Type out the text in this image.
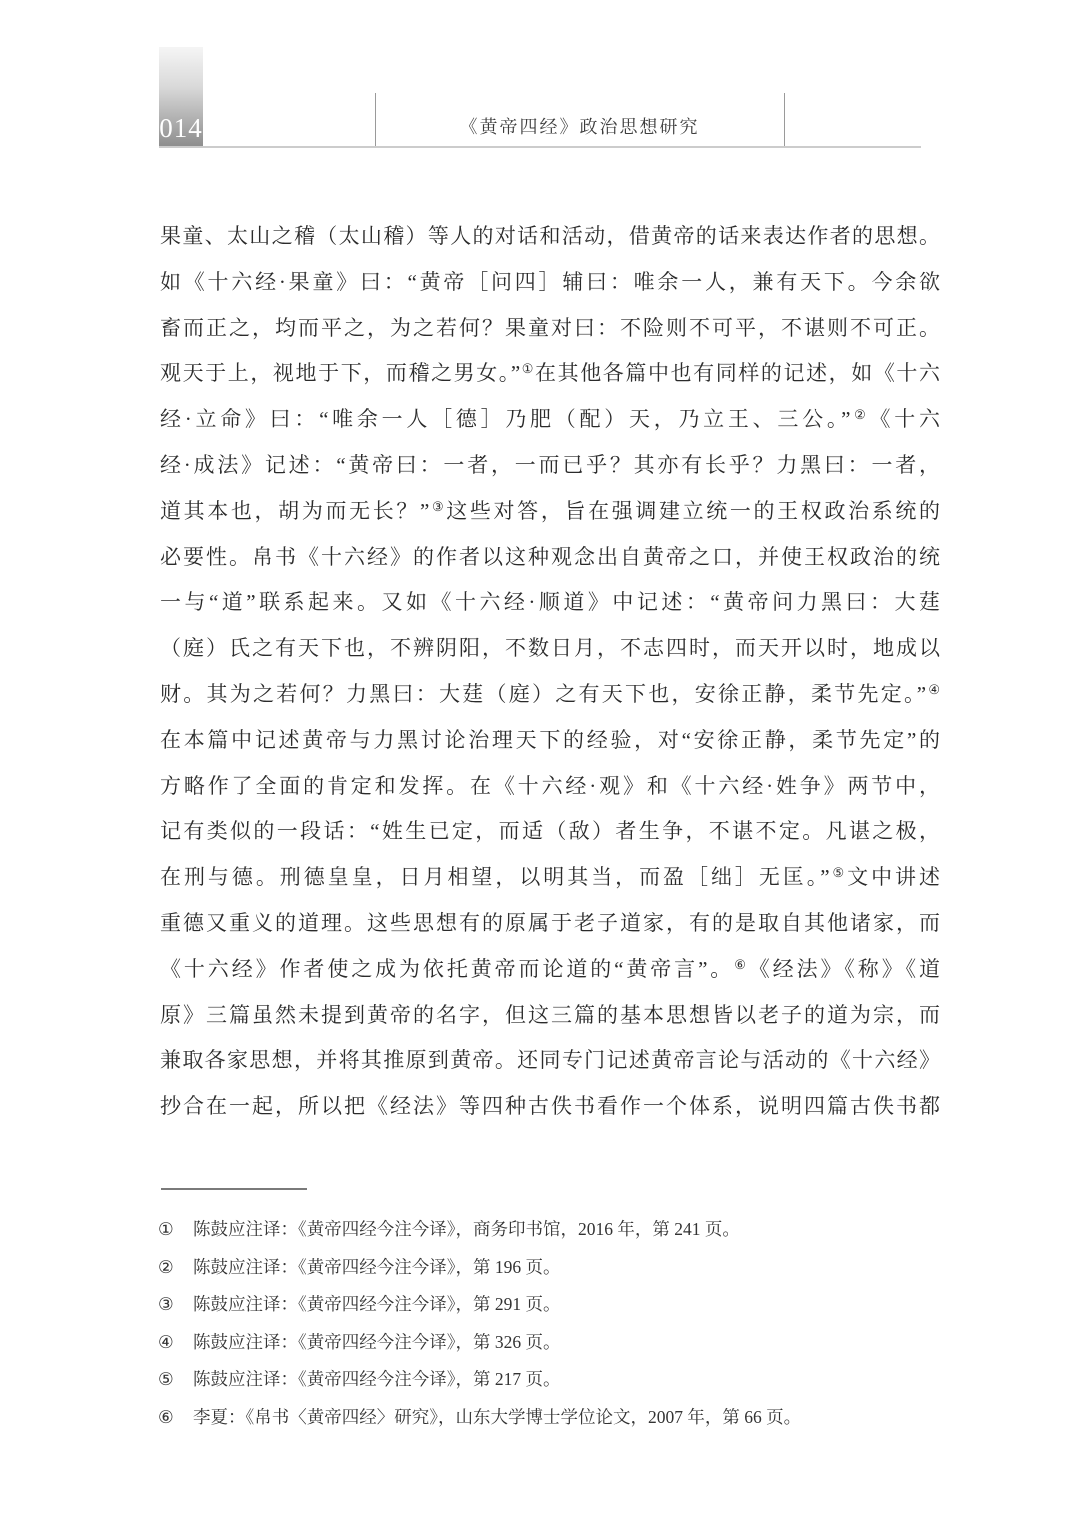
014	《黄帝四经》政治思想研究
果童、太山之稽（太山稽）等人的对话和活动，借黄帝的话来表达作者的思想。
如《十六经·果童》曰：“黄帝［问四］辅曰：唯余一人，兼有天下。今余欲
畜而正之，均而平之，为之若何？果童对曰：不险则不可平，不谌则不可正。
观天于上，视地于下，而稽之男女。”①在其他各篇中也有同样的记述，如《十六
经·立命》曰：“唯余一人［德］乃肥（配）天，乃立王、三公。”②《十六
经·成法》记述：“黄帝曰：一者，一而已乎？其亦有长乎？力黑曰：一者，
道其本也，胡为而无长？”③这些对答，旨在强调建立统一的王权政治系统的
必要性。帛书《十六经》的作者以这种观念出自黄帝之口，并使王权政治的统
一与“道”联系起来。又如《十六经·顺道》中记述：“黄帝问力黑曰：大莛
（庭）氏之有天下也，不辨阴阳，不数日月，不志四时，而天开以时，地成以
财。其为之若何？力黑曰：大莛（庭）之有天下也，安徐正静，柔节先定。”④
在本篇中记述黄帝与力黑讨论治理天下的经验，对“安徐正静，柔节先定”的
方略作了全面的肯定和发挥。在《十六经·观》和《十六经·姓争》两节中，
记有类似的一段话：“姓生已定，而适（敌）者生争，不谌不定。凡谌之极，
在刑与德。刑德皇皇，日月相望，以明其当，而盈［绌］无匡。”⑤文中讲述
重德又重义的道理。这些思想有的原属于老子道家，有的是取自其他诸家，而
《十六经》作者使之成为依托黄帝而论道的“黄帝言”。⑥《经法》《称》《道
原》三篇虽然未提到黄帝的名字，但这三篇的基本思想皆以老子的道为宗，而
兼取各家思想，并将其推原到黄帝。还同专门记述黄帝言论与活动的《十六经》
抄合在一起，所以把《经法》等四种古佚书看作一个体系，说明四篇古佚书都
①	陈鼓应注译：《黄帝四经今注今译》，商务印书馆，2016 年，第 241 页。
②	陈鼓应注译：《黄帝四经今注今译》，第 196 页。
③	陈鼓应注译：《黄帝四经今注今译》，第 291 页。
④	陈鼓应注译：《黄帝四经今注今译》，第 326 页。
⑤	陈鼓应注译：《黄帝四经今注今译》，第 217 页。
⑥	李夏：《帛书〈黄帝四经〉研究》，山东大学博士学位论文，2007 年，第 66 页。
